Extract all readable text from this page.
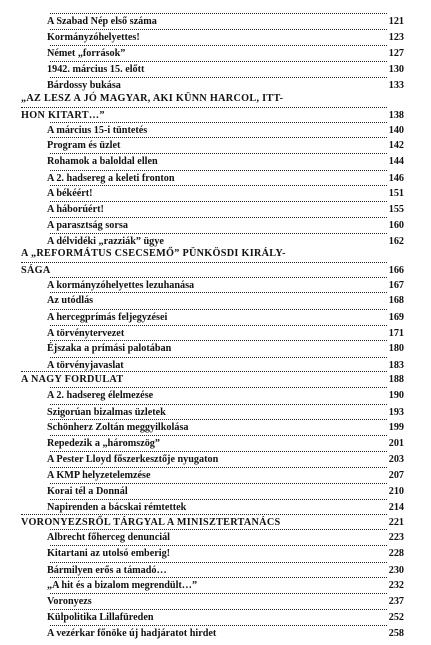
A Szabad Nép első száma	121
Kormányzóhelyettes!	123
Német „források”	127
1942. március 15. előtt	130
Bárdossy bukása	133
„AZ LESZ A JÓ MAGYAR, AKI KÜNN HARCOL, ITT-
HON KITART…”	138
A március 15-i tüntetés	140
Program és üzlet	142
Rohamok a baloldal ellen	144
A 2. hadsereg a keleti fronton	146
A békéért!	151
A háborúért!	155
A parasztság sorsa	160
A délvidéki „razziák” ügye	162
A „REFORMÁTUS CSECSEMŐ” PÜNKÖSDI KIRÁLY-
SÁGA	166
A kormányzóhelyettes lezuhanása	167
Az utódlás	168
A hercegprímás feljegyzései	169
A törvénytervezet	171
Éjszaka a prímási palotában	180
A törvényjavaslat	183
A NAGY FORDULAT	188
A 2. hadsereg élelmezése	190
Szigorúan bizalmas üzletek	193
Schönherz Zoltán meggyilkolása	199
Repedezik a „háromszög”	201
A Pester Lloyd főszerkesztője nyugaton	203
A KMP helyzetelemzése	207
Korai tél a Donnál	210
Napirenden a bácskai rémtettek	214
VORONYEZSRŐL TÁRGYAL A MINISZTERTANÁCS	221
Albrecht főherceg denunciál	223
Kitartani az utolsó emberig!	228
Bármilyen erős a támadó…	230
„A hit és a bizalom megrendült…”	232
Voronyezs	237
Külpolitika Lillafüreden	252
A vezérkar főnöke új hadjáratot hirdet	258
